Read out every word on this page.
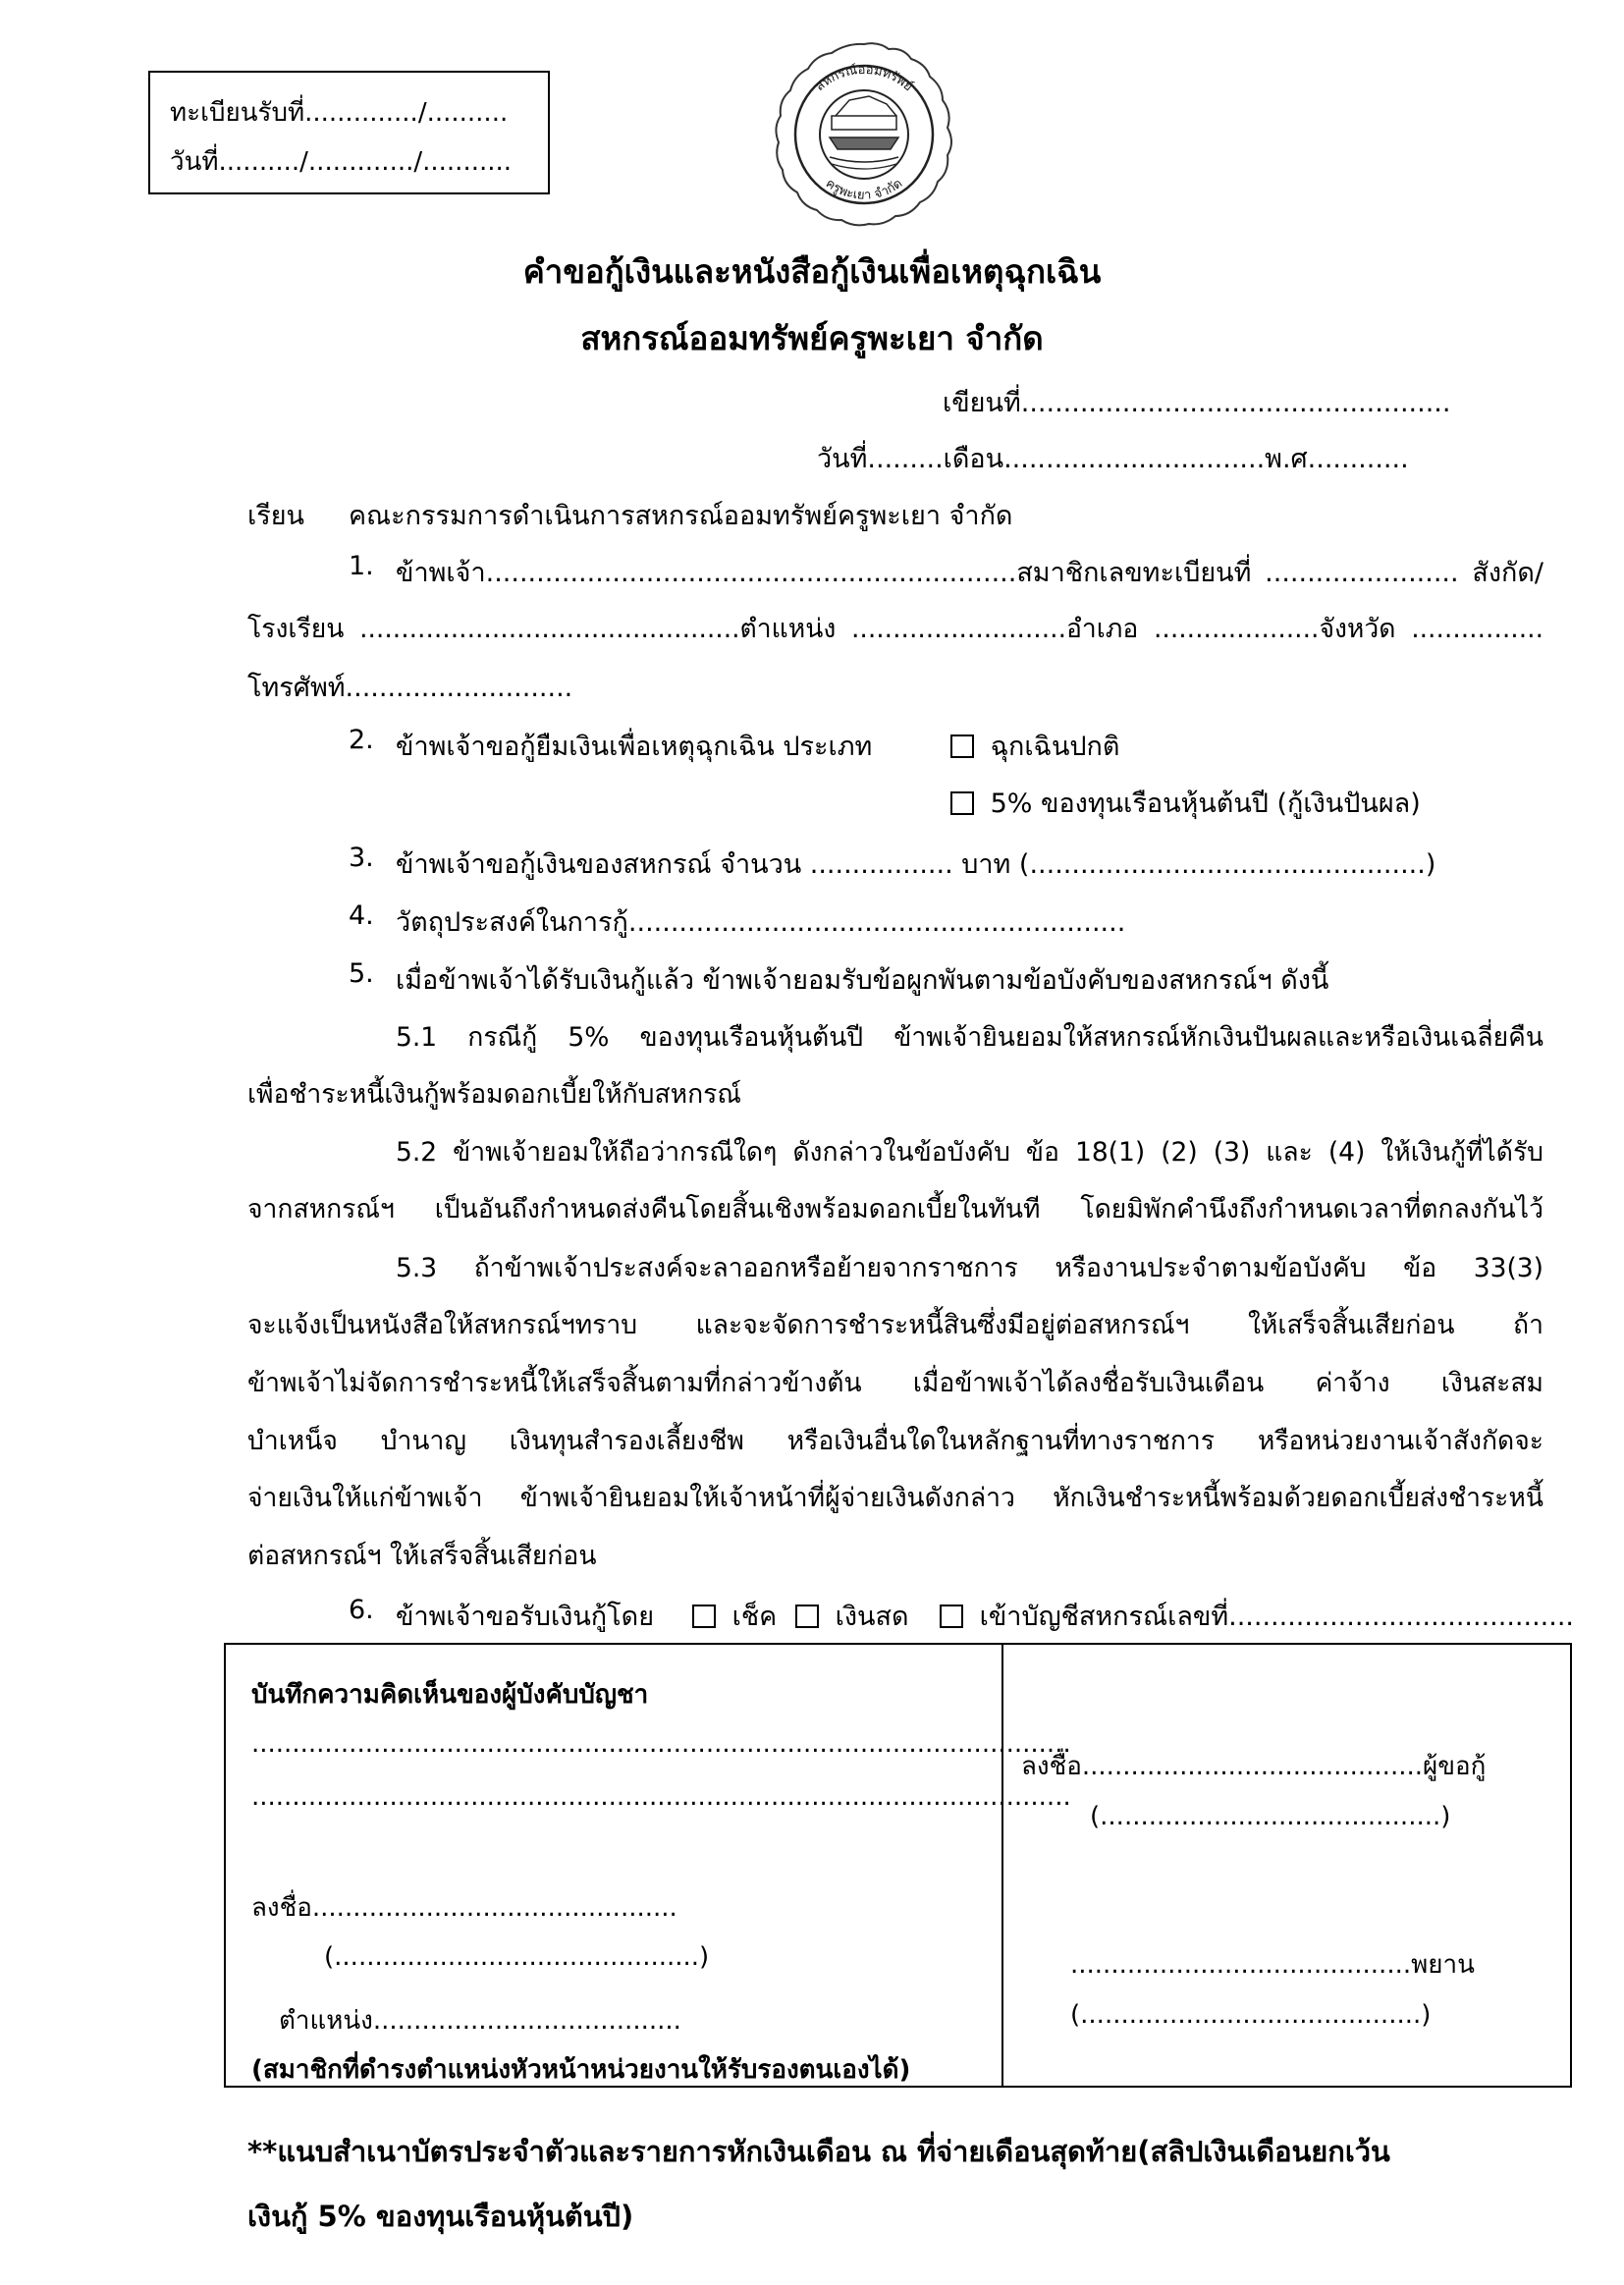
ทะเบียนรับที่............../..........
วันที่........../............./...........
สหกรณ์ออมทรัพย์
ครูพะเยา จำกัด
คำขอกู้เงินและหนังสือกู้เงินเพื่อเหตุฉุกเฉิน
สหกรณ์ออมทรัพย์ครูพะเยา จำกัด
เขียนที่...................................................
วันที่.........เดือน...............................พ.ศ............
เรียน คณะกรรมการดำเนินการสหกรณ์ออมทรัพย์ครูพะเยา จำกัด
1. ข้าพเจ้า...............................................................สมาชิกเลขทะเบียนที่ ....................... สังกัด/
โรงเรียน ..............................................ตำแหน่ง ..........................อำเภอ ....................จังหวัด ................
โทรศัพท์...........................
2. ข้าพเจ้าขอกู้ยืมเงินเพื่อเหตุฉุกเฉิน ประเภท	ฉุกเฉินปกติ
5% ของทุนเรือนหุ้นต้นปี (กู้เงินปันผล)
3. ข้าพเจ้าขอกู้เงินของสหกรณ์ จำนวน ................. บาท (...............................................)
4. วัตถุประสงค์ในการกู้...........................................................
5. เมื่อข้าพเจ้าได้รับเงินกู้แล้ว ข้าพเจ้ายอมรับข้อผูกพันตามข้อบังคับของสหกรณ์ฯ ดังนี้
5.1 กรณีกู้ 5% ของทุนเรือนหุ้นต้นปี ข้าพเจ้ายินยอมให้สหกรณ์หักเงินปันผลและหรือเงินเฉลี่ยคืน
เพื่อชำระหนี้เงินกู้พร้อมดอกเบี้ยให้กับสหกรณ์
5.2 ข้าพเจ้ายอมให้ถือว่ากรณีใดๆ ดังกล่าวในข้อบังคับ ข้อ 18(1) (2) (3) และ (4) ให้เงินกู้ที่ได้รับ
จากสหกรณ์ฯ เป็นอันถึงกำหนดส่งคืนโดยสิ้นเชิงพร้อมดอกเบี้ยในทันที โดยมิพักคำนึงถึงกำหนดเวลาที่ตกลงกันไว้
5.3 ถ้าข้าพเจ้าประสงค์จะลาออกหรือย้ายจากราชการ หรืองานประจำตามข้อบังคับ ข้อ 33(3)
จะแจ้งเป็นหนังสือให้สหกรณ์ฯทราบ และจะจัดการชำระหนี้สินซึ่งมีอยู่ต่อสหกรณ์ฯ ให้เสร็จสิ้นเสียก่อน ถ้า
ข้าพเจ้าไม่จัดการชำระหนี้ให้เสร็จสิ้นตามที่กล่าวข้างต้น เมื่อข้าพเจ้าได้ลงชื่อรับเงินเดือน ค่าจ้าง เงินสะสม
บำเหน็จ บำนาญ เงินทุนสำรองเลี้ยงชีพ หรือเงินอื่นใดในหลักฐานที่ทางราชการ หรือหน่วยงานเจ้าสังกัดจะ
จ่ายเงินให้แก่ข้าพเจ้า ข้าพเจ้ายินยอมให้เจ้าหน้าที่ผู้จ่ายเงินดังกล่าว หักเงินชำระหนี้พร้อมด้วยดอกเบี้ยส่งชำระหนี้
ต่อสหกรณ์ฯ ให้เสร็จสิ้นเสียก่อน
6. ข้าพเจ้าขอรับเงินกู้โดย	เช็ค	เงินสด	เข้าบัญชีสหกรณ์เลขที่.........................................
บันทึกความคิดเห็นของผู้บังคับบัญชา
.....................................................................................................
.....................................................................................................
ลงชื่อ.............................................
(.............................................)
ตำแหน่ง......................................
(สมาชิกที่ดำรงตำแหน่งหัวหน้าหน่วยงานให้รับรองตนเองได้)
ลงชื่อ..........................................ผู้ขอกู้
(..........................................)
..........................................พยาน
(..........................................)
**แนบสำเนาบัตรประจำตัวและรายการหักเงินเดือน ณ ที่จ่ายเดือนสุดท้าย(สลิปเงินเดือนยกเว้น
เงินกู้ 5% ของทุนเรือนหุ้นต้นปี)
